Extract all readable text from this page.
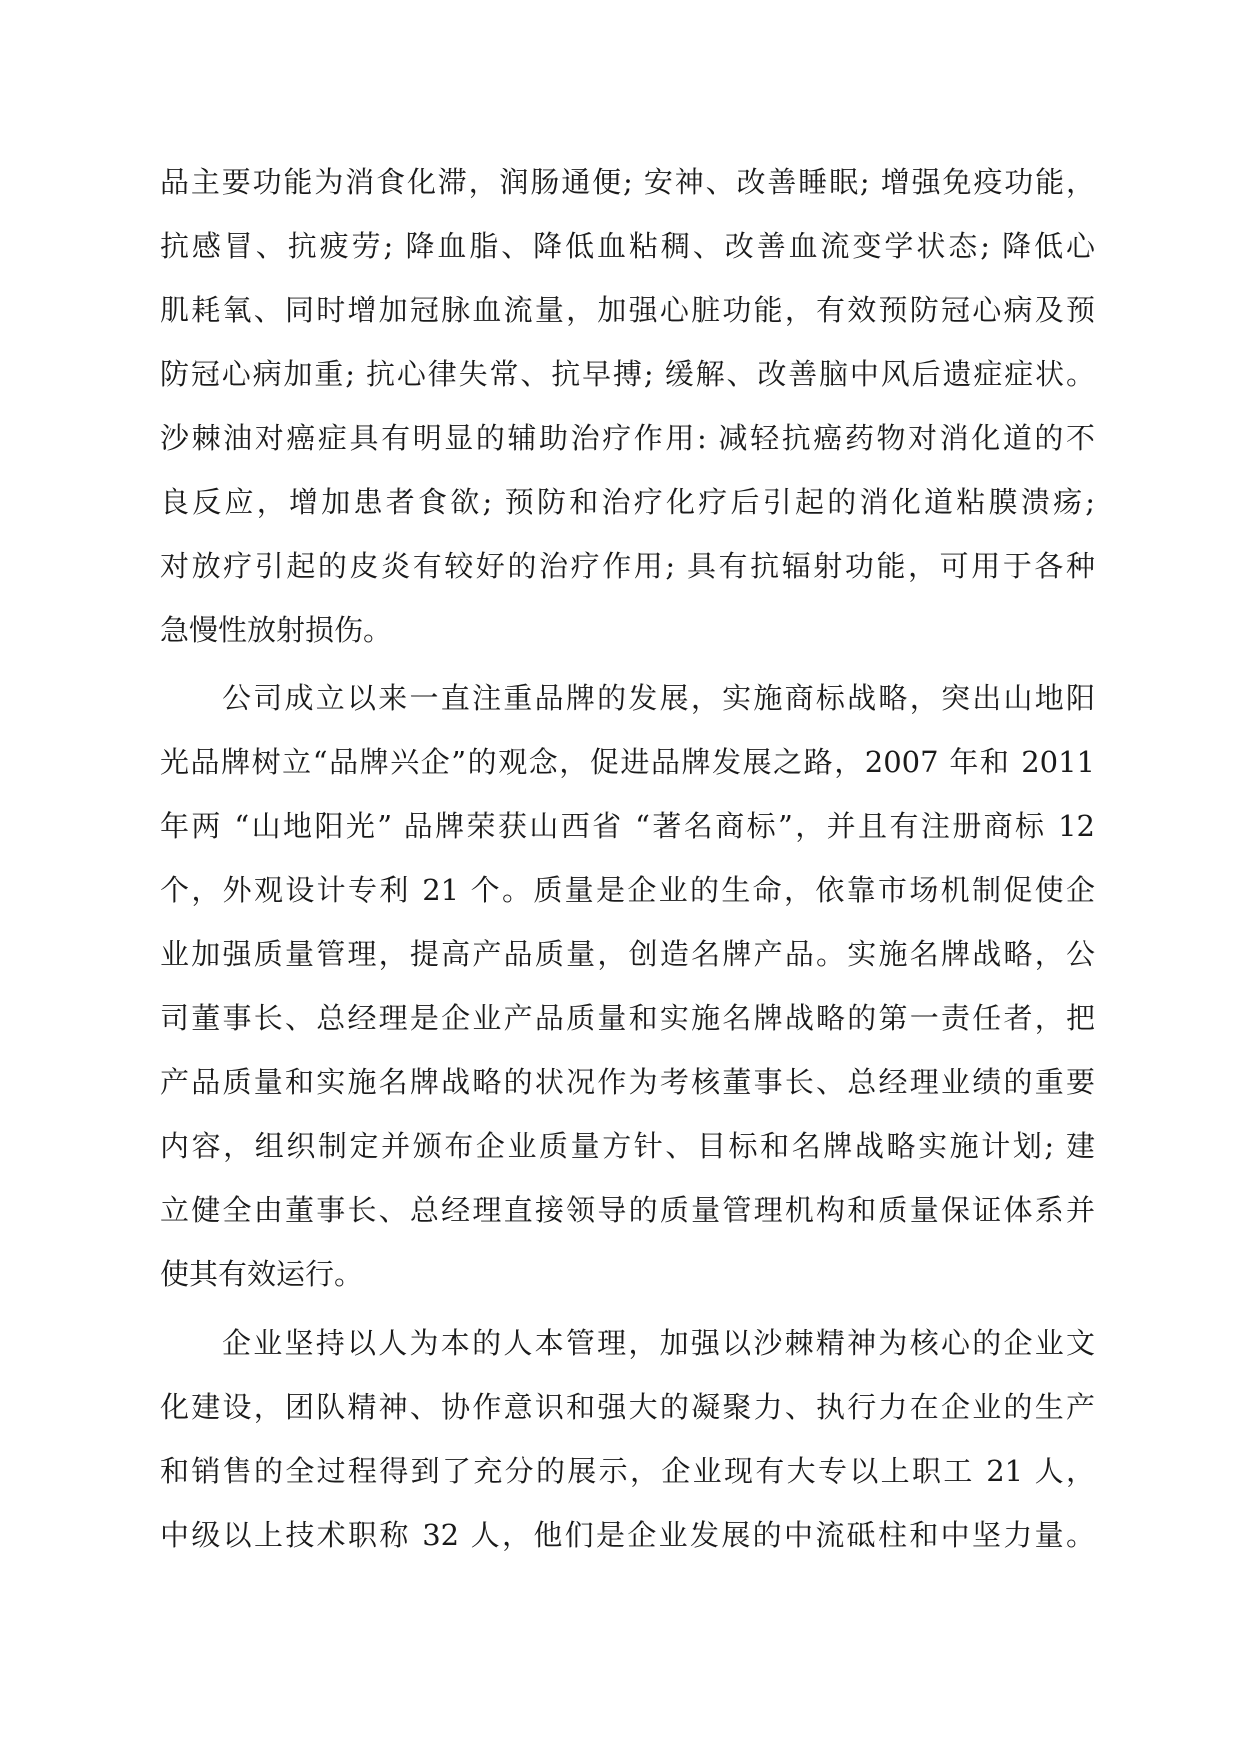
品主要功能为消食化滞，润肠通便; 安神、改善睡眠; 增强免疫功能，
抗感冒、抗疲劳; 降血脂、降低血粘稠、改善血流变学状态; 降低心
肌耗氧、同时增加冠脉血流量，加强心脏功能，有效预防冠心病及预
防冠心病加重; 抗心律失常、抗早搏; 缓解、改善脑中风后遗症症状。
沙棘油对癌症具有明显的辅助治疗作用: 减轻抗癌药物对消化道的不
良反应，增加患者食欲; 预防和治疗化疗后引起的消化道粘膜溃疡;
对放疗引起的皮炎有较好的治疗作用; 具有抗辐射功能，可用于各种
急慢性放射损伤。
公司成立以来一直注重品牌的发展，实施商标战略，突出山地阳
光品牌树立“品牌兴企”的观念，促进品牌发展之路，2007 年和 2011
年两 “山地阳光” 品牌荣获山西省 “著名商标”，并且有注册商标 12
个，外观设计专利 21 个。质量是企业的生命，依靠市场机制促使企
业加强质量管理，提高产品质量，创造名牌产品。实施名牌战略，公
司董事长、总经理是企业产品质量和实施名牌战略的第一责任者，把
产品质量和实施名牌战略的状况作为考核董事长、总经理业绩的重要
内容，组织制定并颁布企业质量方针、目标和名牌战略实施计划; 建
立健全由董事长、总经理直接领导的质量管理机构和质量保证体系并
使其有效运行。
企业坚持以人为本的人本管理，加强以沙棘精神为核心的企业文
化建设，团队精神、协作意识和强大的凝聚力、执行力在企业的生产
和销售的全过程得到了充分的展示，企业现有大专以上职工 21 人，
中级以上技术职称 32 人，他们是企业发展的中流砥柱和中坚力量。
